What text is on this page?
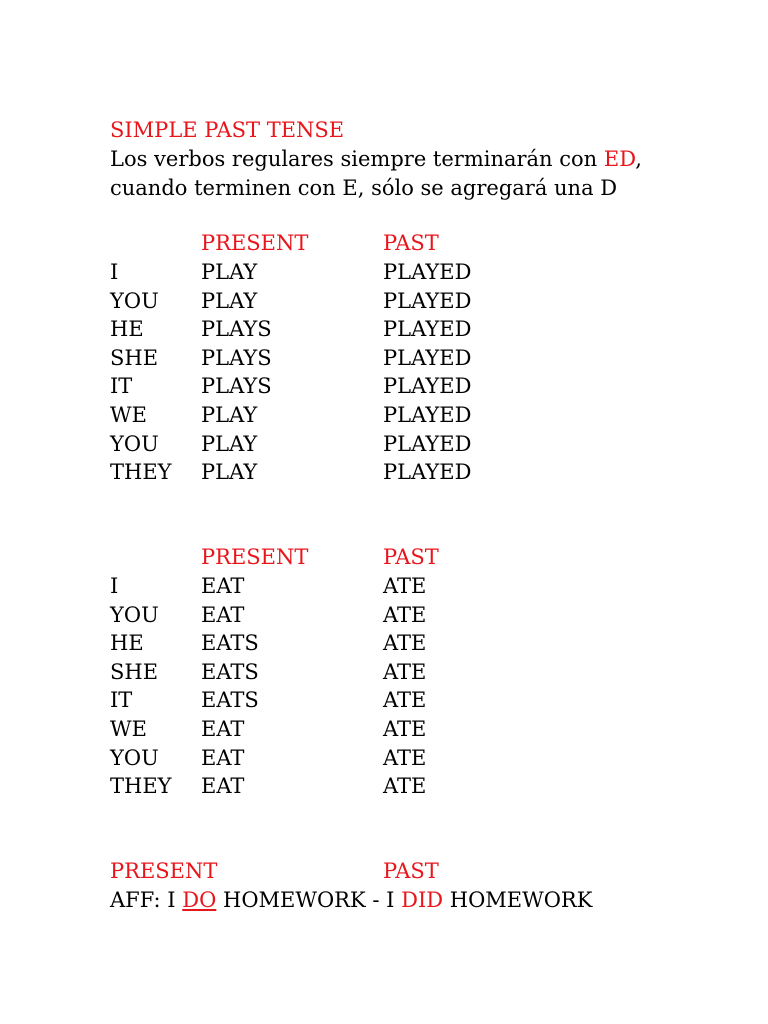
SIMPLE PAST TENSE
Los verbos regulares siempre terminarán con ED,
cuando terminen con E, sólo se agregará una D
PRESENT	PAST
I	PLAY	PLAYED
YOU PLAY	PLAYED
HE	PLAYS	PLAYED
SHE PLAYS	PLAYED
IT	PLAYS	PLAYED
WE	PLAY	PLAYED
YOU PLAY	PLAYED
THEY PLAY	PLAYED
PRESENT	PAST
I	EAT	ATE
YOU EAT	ATE
HE	EATS	ATE
SHE EATS	ATE
IT	EATS	ATE
WE	EAT	ATE
YOU EAT	ATE
THEY EAT	ATE
PRESENT	PAST
AFF: I DO HOMEWORK - I DID HOMEWORK
